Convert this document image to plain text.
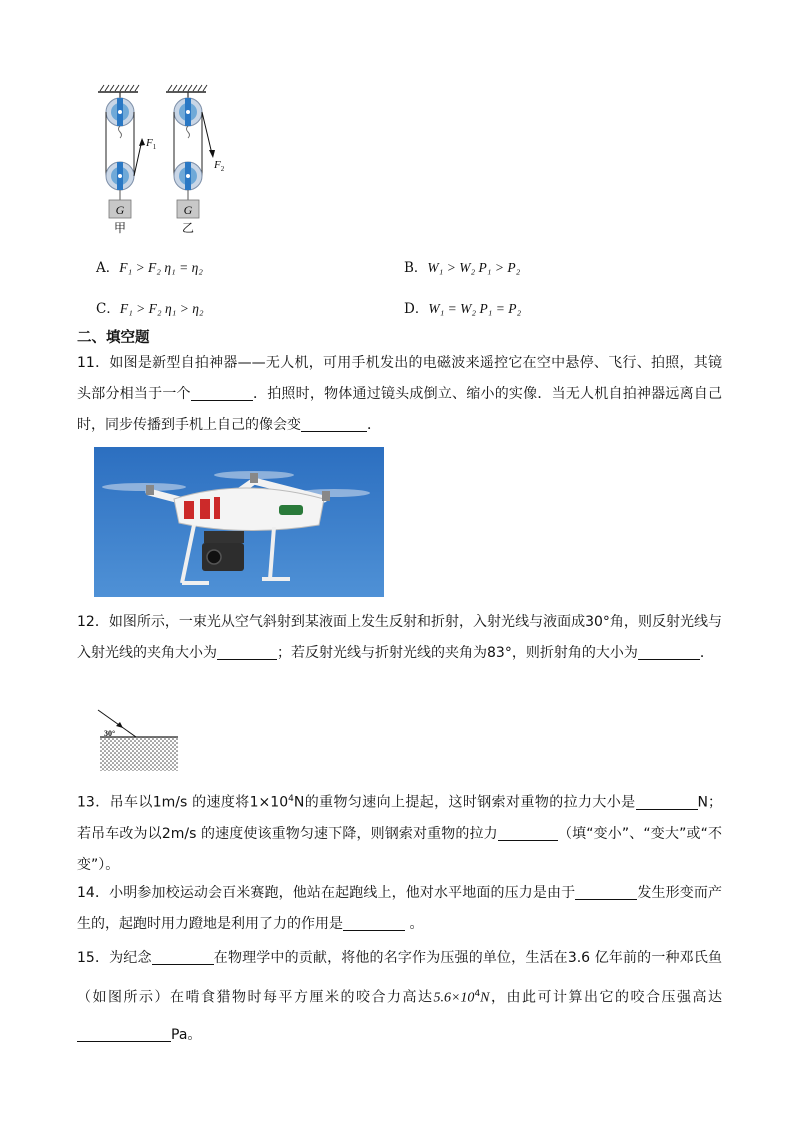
G
$F_1$
甲
G
$F_2$
乙
A．F₁ > F₂ η₁ = η₂	B．W₁ > W₂ P₁ > P₂
C．F₁ > F₂ η₁ > η₂	D．W₁ = W₂ P₁ = P₂
二、填空题
11．如图是新型自拍神器——无人机，可用手机发出的电磁波来遥控它在空中悬停、飞行、拍照，其镜头部分相当于一个	．拍照时，物体通过镜头成倒立、缩小的实像．当无人机自拍神器远离自己时，同步传播到手机上自己的像会变	．
12．如图所示，一束光从空气斜射到某液面上发生反射和折射，入射光线与液面成30°角，则反射光线与入射光线的夹角大小为	；若反射光线与折射光线的夹角为83°，则折射角的大小为	．
30°
13．吊车以1m/s 的速度将$1\times 10^4N$的重物匀速向上提起，这时钢索对重物的拉力大小是	N；若吊车改为以2m/s 的速度使该重物匀速下降，则钢索对重物的拉力	（填“变小”、“变大”或“不变”）。
14．小明参加校运动会百米赛跑，他站在起跑线上，他对水平地面的压力是由于	发生形变而产生的，起跑时用力蹬地是利用了力的作用是	。
15．为纪念	在物理学中的贡献，将他的名字作为压强的单位，生活在3.6 亿年前的一种邓氏鱼（如图所示）在啃食猎物时每平方厘米的咬合力高达$5.6\times 10^4N$，由此可计算出它的咬合压强高达Pa。
